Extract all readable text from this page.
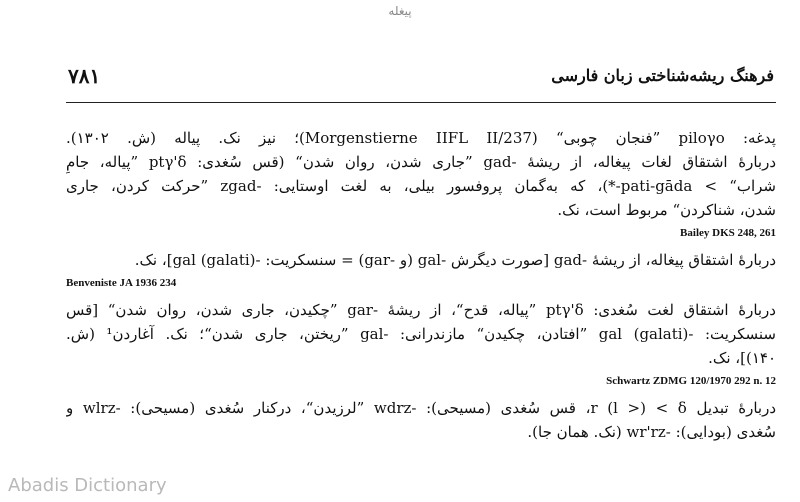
پیغله
۷۸۱	فرهنگ ریشه‌شناختی زبان فارسی
پدغه: piloγo ”فنجان چوبی“ (Morgenstierne IIFL II/237)؛ نیز نک. پیاله (ش. ۱۳۰۲).
دربارهٔ اشتقاق لغات پیغاله، از ریشهٔ -gad ”جاری شدن، روان شدن“ (قس سُغدی: ptγ'δ ”پیاله، جامِ
شراب“ > pati-gāda-*)، که به‌گمان پروفسور بیلی، به لغت اوستایی: -zgad ”حرکت کردن، جاری
شدن، شناکردن“ مربوط است، نک.
Bailey DKS 248, 261
دربارهٔ اشتقاق پیغاله، از ریشهٔ -gad [صورت دیگرش -gal (و -gar) = سنسکریت: -gal (galati)]، نک.
Benveniste JA 1936 234
دربارهٔ اشتقاق لغت سُغدی: ptγ'δ ”پیاله، قدح“، از ریشهٔ -gar ”چکیدن، جاری شدن، روان شدن“ [قس
سنسکریت: -gal (galati) ”افتادن، چکیدن“ مازندرانی: -gal ”ریختن، جاری شدن“؛ نک. آغاردن¹ (ش.
۱۴۰)]، نک.
Schwartz ZDMG 120/1970 292 n. 12
دربارهٔ تبدیل r (l >) < δ، قس سُغدی (مسیحی): -wdrz ”لرزیدن“، درکنار سُغدی (مسیحی): -wlrz و
سُغدی (بودایی): -wr'rz (نک. همان جا).
Abadis Dictionary
